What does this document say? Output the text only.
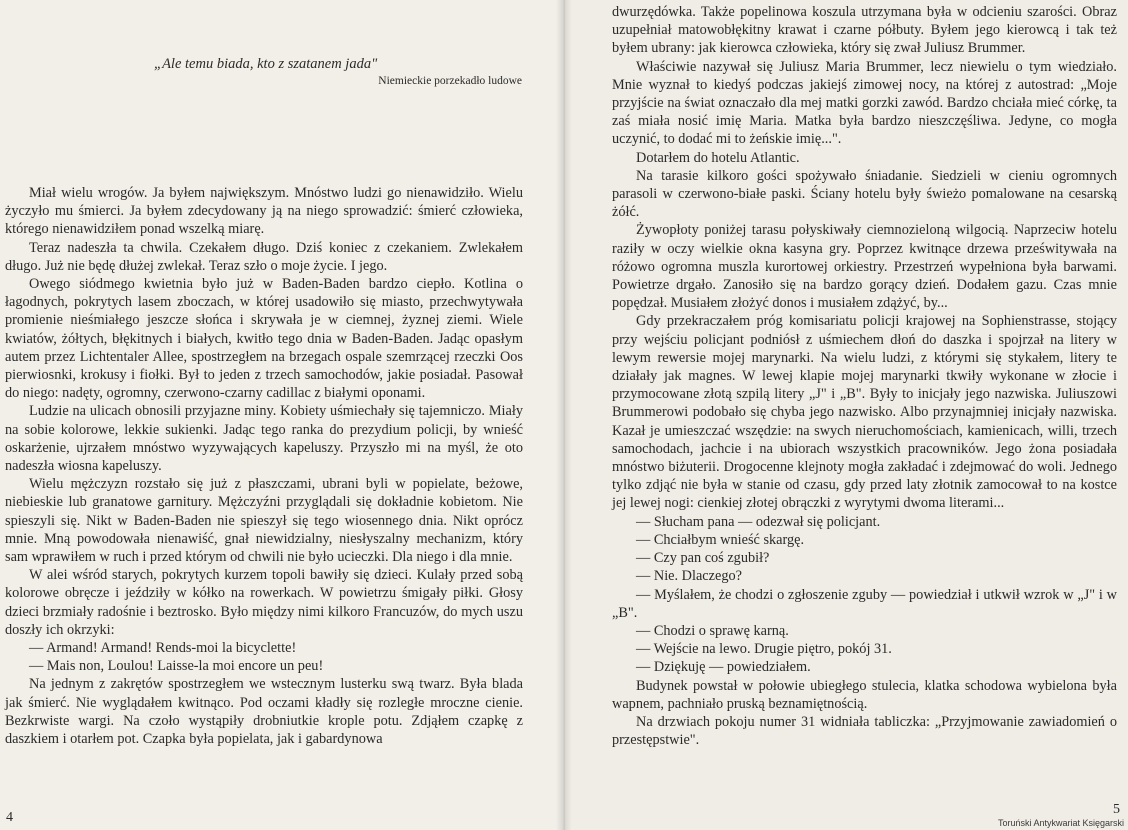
„Ale temu biada, kto z szatanem jada"
Niemieckie porzekadło ludowe

Miał wielu wrogów. Ja byłem największym. Mnóstwo ludzi go nienawidziło. Wielu życzyło mu śmierci. Ja byłem zdecydowany ją na niego sprowadzić: śmierć człowieka, którego nienawidziłem ponad wszelką miarę.

Teraz nadeszła ta chwila. Czekałem długo. Dziś koniec z czekaniem. Zwlekałem długo. Już nie będę dłużej zwlekał. Teraz szło o moje życie. I jego.

Owego siódmego kwietnia było już w Baden-Baden bardzo ciepło. Kotlina o łagodnych, pokrytych lasem zboczach, w której usadowiło się miasto, przechwytywała promienie nieśmiałego jeszcze słońca i skrywała je w ciemnej, żyznej ziemi. Wiele kwiatów, żółtych, błękitnych i białych, kwitło tego dnia w Baden-Baden. Jadąc opasłym autem przez Lichtentaler Allee, spostrzegłem na brzegach ospale szemrzącej rzeczki Oos pierwiosnki, krokusy i fiołki. Był to jeden z trzech samochodów, jakie posiadał. Pasował do niego: nadęty, ogromny, czerwono-czarny cadillac z białymi oponami.

Ludzie na ulicach obnosili przyjazne miny. Kobiety uśmiechały się tajemniczo. Miały na sobie kolorowe, lekkie sukienki. Jadąc tego ranka do prezydium policji, by wnieść oskarżenie, ujrzałem mnóstwo wyzywających kapeluszy. Przyszło mi na myśl, że oto nadeszła wiosna kapeluszy.

Wielu mężczyzn rozstało się już z płaszczami, ubrani byli w popielate, beżowe, niebieskie lub granatowe garnitury. Mężczyźni przyglądali się dokładnie kobietom. Nie spieszyli się. Nikt w Baden-Baden nie spieszył się tego wiosennego dnia. Nikt oprócz mnie. Mną powodowała nienawiść, gnał niewidzialny, niesłyszalny mechanizm, który sam wprawiłem w ruch i przed którym od chwili nie było ucieczki. Dla niego i dla mnie.

W alei wśród starych, pokrytych kurzem topoli bawiły się dzieci. Kulały przed sobą kolorowe obręcze i jeździły w kółko na rowerkach. W powietrzu śmigały piłki. Głosy dzieci brzmiały radośnie i beztrosko. Było między nimi kilkoro Francuzów, do mych uszu doszły ich okrzyki:

— Armand! Armand! Rends-moi la bicyclette!

— Mais non, Loulou! Laisse-la moi encore un peu!

Na jednym z zakrętów spostrzegłem we wstecznym lusterku swą twarz. Była blada jak śmierć. Nie wyglądałem kwitnąco. Pod oczami kładły się rozległe mroczne cienie. Bezkrwiste wargi. Na czoło wystąpiły drobniutkie krople potu. Zdjąłem czapkę z daszkiem i otarłem pot. Czapka była popielata, jak i gabardynowa

4

dwurzędówka. Także popelinowa koszula utrzymana była w odcieniu szarości. Obraz uzupełniał matowobłękitny krawat i czarne półbuty. Byłem jego kierowcą i tak też byłem ubrany: jak kierowca człowieka, który się zwał Juliusz Brummer.

Właściwie nazywał się Juliusz Maria Brummer, lecz niewielu o tym wiedziało. Mnie wyznał to kiedyś podczas jakiejś zimowej nocy, na której z autostrad: „Moje przyjście na świat oznaczało dla mej matki gorzki zawód. Bardzo chciała mieć córkę, ta zaś miała nosić imię Maria. Matka była bardzo nieszczęśliwa. Jedyne, co mogła uczynić, to dodać mi to żeńskie imię...".

Dotarłem do hotelu Atlantic.

Na tarasie kilkoro gości spożywało śniadanie. Siedzieli w cieniu ogromnych parasoli w czerwono-białe paski. Ściany hotelu były świeżo pomalowane na cesarską żółć.

Żywopłoty poniżej tarasu połyskiwały ciemnozieloną wilgocią. Naprzeciw hotelu raziły w oczy wielkie okna kasyna gry. Poprzez kwitnące drzewa prześwitywała na różowo ogromna muszla kurortowej orkiestry. Przestrzeń wypełniona była barwami. Powietrze drgało. Zanosiło się na bardzo gorący dzień. Dodałem gazu. Czas mnie popędzał. Musiałem złożyć donos i musiałem zdążyć, by...

Gdy przekraczałem próg komisariatu policji krajowej na Sophienstrasse, stojący przy wejściu policjant podniósł z uśmiechem dłoń do daszka i spojrzał na litery w lewym rewersie mojej marynarki. Na wielu ludzi, z którymi się stykałem, litery te działały jak magnes. W lewej klapie mojej marynarki tkwiły wykonane w złocie i przymocowane złotą szpilą litery „J" i „B". Były to inicjały jego nazwiska. Juliuszowi Brummerowi podobało się chyba jego nazwisko. Albo przynajmniej inicjały nazwiska. Kazał je umieszczać wszędzie: na swych nieruchomościach, kamienicach, willi, trzech samochodach, jachcie i na ubiorach wszystkich pracowników. Jego żona posiadała mnóstwo biżuterii. Drogocenne klejnoty mogła zakładać i zdejmować do woli. Jednego tylko zdjąć nie była w stanie od czasu, gdy przed laty złotnik zamocował to na kostce jej lewej nogi: cienkiej złotej obrączki z wyrytymi dwoma literami...

— Słucham pana — odezwał się policjant.

— Chciałbym wnieść skargę.

— Czy pan coś zgubił?

— Nie. Dlaczego?

— Myślałem, że chodzi o zgłoszenie zguby — powiedział i utkwił wzrok w „J" i w „B".

— Chodzi o sprawę karną.

— Wejście na lewo. Drugie piętro, pokój 31.

— Dziękuję — powiedziałem.

Budynek powstał w połowie ubiegłego stulecia, klatka schodowa wybielona była wapnem, pachniało pruską beznamiętnością.

Na drzwiach pokoju numer 31 widniała tabliczka: „Przyjmowanie zawiadomień o przestępstwie".

5
Toruński Antykwariat Księgarski
